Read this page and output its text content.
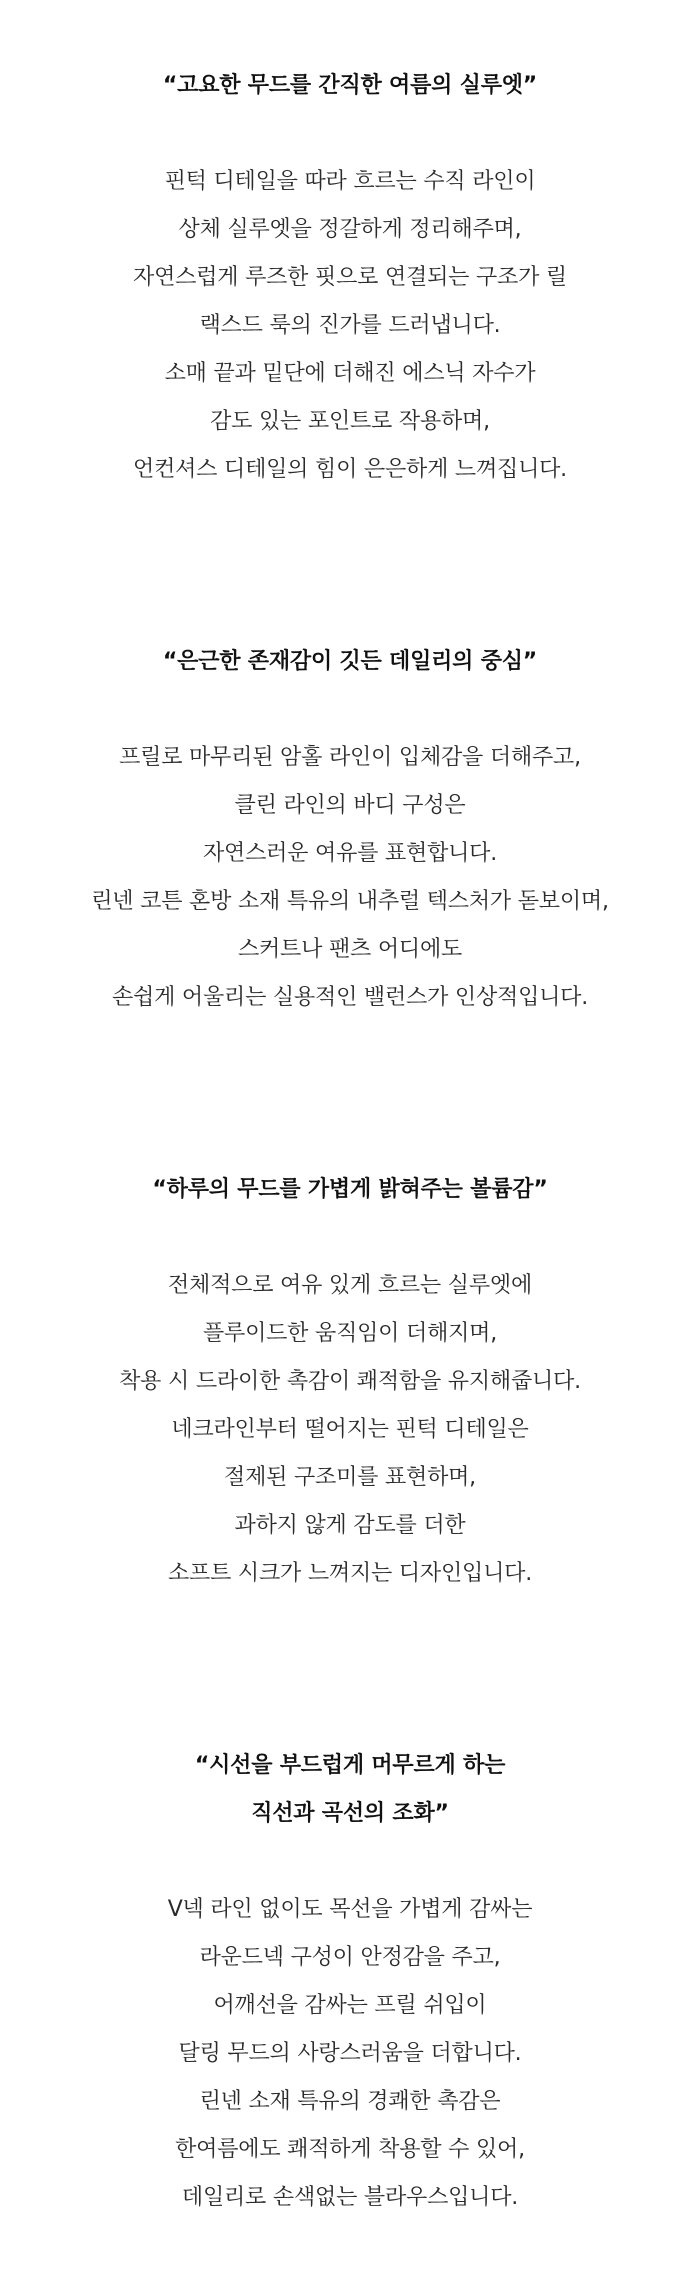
“고요한 무드를 간직한 여름의 실루엣”
핀턱 디테일을 따라 흐르는 수직 라인이
상체 실루엣을 정갈하게 정리해주며,
자연스럽게 루즈한 핏으로 연결되는 구조가 릴
랙스드 룩의 진가를 드러냅니다.
소매 끝과 밑단에 더해진 에스닉 자수가
감도 있는 포인트로 작용하며,
언컨셔스 디테일의 힘이 은은하게 느껴집니다.
“은근한 존재감이 깃든 데일리의 중심”
프릴로 마무리된 암홀 라인이 입체감을 더해주고,
클린 라인의 바디 구성은
자연스러운 여유를 표현합니다.
린넨 코튼 혼방 소재 특유의 내추럴 텍스처가 돋보이며,
스커트나 팬츠 어디에도
손쉽게 어울리는 실용적인 밸런스가 인상적입니다.
“하루의 무드를 가볍게 밝혀주는 볼륨감”
전체적으로 여유 있게 흐르는 실루엣에
플루이드한 움직임이 더해지며,
착용 시 드라이한 촉감이 쾌적함을 유지해줍니다.
네크라인부터 떨어지는 핀턱 디테일은
절제된 구조미를 표현하며,
과하지 않게 감도를 더한
소프트 시크가 느껴지는 디자인입니다.
“시선을 부드럽게 머무르게 하는
직선과 곡선의 조화”
V넥 라인 없이도 목선을 가볍게 감싸는
라운드넥 구성이 안정감을 주고,
어깨선을 감싸는 프릴 쉬입이
달링 무드의 사랑스러움을 더합니다.
린넨 소재 특유의 경쾌한 촉감은
한여름에도 쾌적하게 착용할 수 있어,
데일리로 손색없는 블라우스입니다.
